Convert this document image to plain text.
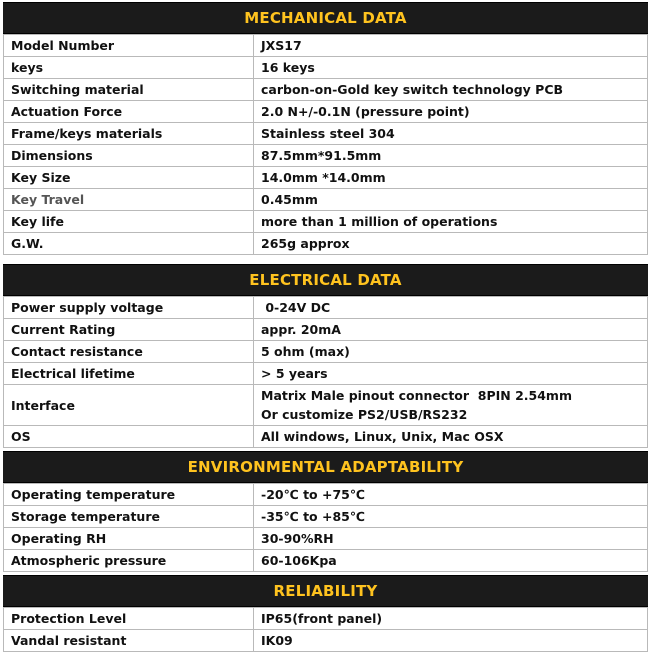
MECHANICAL DATA
Model Number	JXS17
keys	16 keys
Switching material	carbon-on-Gold key switch technology PCB
Actuation Force	2.0 N+/-0.1N (pressure point)
Frame/keys materials	Stainless steel 304
Dimensions	87.5mm*91.5mm
Key Size	14.0mm *14.0mm
Key Travel	0.45mm
Key life	more than 1 million of operations
G.W.	265g approx
ELECTRICAL DATA
Power supply voltage	0-24V DC
Current Rating	appr. 20mA
Contact resistance	5 ohm (max)
Electrical lifetime	> 5 years
Interface	Matrix Male pinout connector  8PIN 2.54mm
Or customize PS2/USB/RS232

OS	All windows, Linux, Unix, Mac OSX
ENVIRONMENTAL ADAPTABILITY
Operating temperature	-20℃ to +75℃
Storage temperature	-35℃ to +85℃
Operating RH	30-90%RH
Atmospheric pressure	60-106Kpa
RELIABILITY
Protection Level	IP65(front panel)
Vandal resistant	IK09
